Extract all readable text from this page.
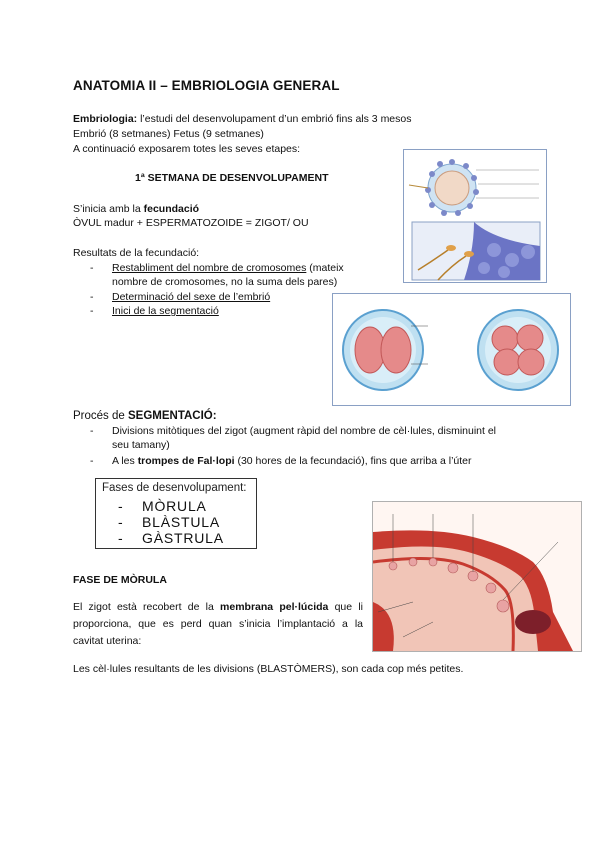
ANATOMIA II – EMBRIOLOGIA GENERAL
Embriologia: l’estudi del desenvolupament d’un embrió fins als 3 mesos
Embrió (8 setmanes) Fetus (9 setmanes)
A continuació exposarem totes les seves etapes:
1ª SETMANA DE DESENVOLUPAMENT
S’inicia amb la fecundació
ÒVUL madur + ESPERMATOZOIDE = ZIGOT/ OU
Resultats de la fecundació:
- Restabliment del nombre de cromosomes (mateix
nombre de cromosomes, no la suma dels pares)
- Determinació del sexe de l’embrió
- Inici de la segmentació
Procés de SEGMENTACIÓ:
- Divisions mitòtiques del zigot (augment ràpid del nombre de cèl·lules, disminuint el
seu tamany)
- A les trompes de Fal·lopi (30 hores de la fecundació), fins que arriba a l’úter
Fases de desenvolupament:
- MÒRULA
- BLÀSTULA
- GÀSTRULA
FASE DE MÒRULA
El zigot està recobert de la membrana pel·lúcida que li proporciona, que es perd quan s’inicia l’implantació a la cavitat uterina:
Les cèl·lules resultants de les divisions (BLASTÒMERS), son cada cop més petites.
